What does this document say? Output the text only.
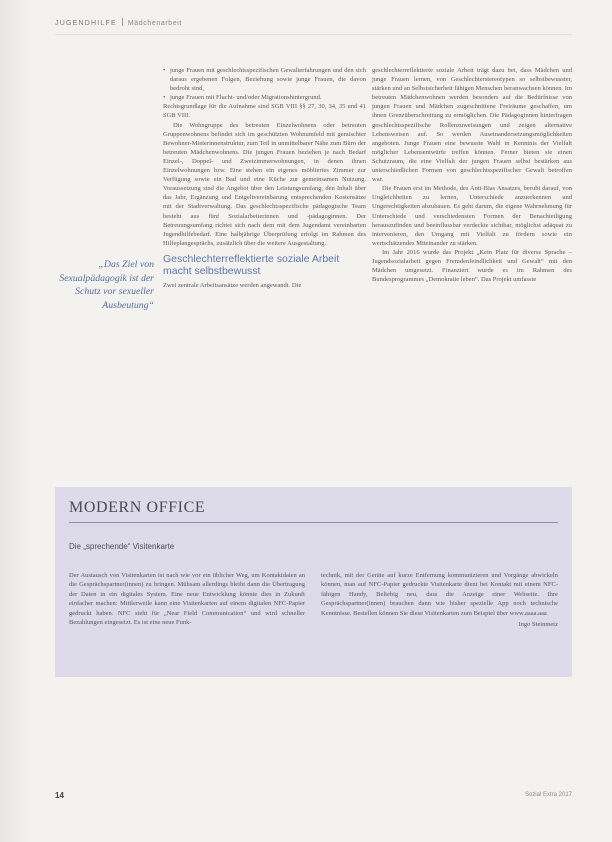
JUGENDHILFE Mädchenarbeit
„Das Ziel von Sexualpädagogik ist der Schutz vor sexueller Ausbeutung“
• junge Frauen mit geschlechtsspezifischen Gewalterfahrungen und den sich daraus ergebenen Folgen, Beziehung sowie junge Frauen, die davon bedroht sind,
• junge Frauen mit Flucht- und/oder Migrationshintergrund.

Rechtsgrundlage für die Aufnahme sind SGB VIII §§ 27, 30, 34, 35 und 41 SGB VIII.

Die Wohngruppe des betreuten Einzelwohnens oder betreuten Gruppenwohnens befindet sich im geschützten Wohnumfeld mit gemischter Bewohner-Mieterinnenstruktur, zum Teil in unmittelbarer Nähe zum Büro der betreuten Mädchenwohnens. Die jungen Frauen beziehen je nach Bedarf Einzel-, Doppel- und Zweizimmerwohnungen, in denen ihnen Einzelwohnungen bzw. Eine stehen ein eigenes möbliertes Zimmer zur Verfügung sowie ein Bad und eine Küche zur gemeinsamen Nutzung. Voraussetzung sind die Angebot über den Leistungsumfang, den Inhalt über das Jahr, Ergänzung und Entgeltvereinbarung entsprechenden Kostensätze mit der Stadtverwaltung. Das geschlechtsspezifische pädagogische Team besteht aus fünf Sozialarbeiterinnen und -pädagoginnen. Der Betreuungsumfang richtet sich nach dem mit dem Jugendamt vereinbarten Jugendhilfebedarf. Eine halbjährige Überprüfung erfolgt im Rahmen des Hilfeplangesprächs, zusätzlich über die weitere Ausgestaltung.

Geschlechterreflektierte soziale Arbeit macht selbstbewusst

Zwei zentrale Arbeitsansätze werden angewandt. Die

geschlechterreflektierte soziale Arbeit trägt dazu bei, dass Mädchen und junge Frauen lernen, von Geschlechterstereotypen so selbstbewusster, stärken und an Selbstsicherheit fähigen Menschen heranwachsen können. Im betreuten Mädchenwohnen werden besonders auf die Bedürfnisse von jungen Frauen und Mädchen zugeschnittene Freiräume geschaffen, um ihnen Grenzüberschreitung zu ermöglichen. Die Pädagoginnen hinterfragen geschlechtsspezifische Rollenzuweisungen und zeigen alternative Lebensweisen auf. So werden Auseinandersetzungsmöglichkeiten angeboten. Junge Frauen eine bewusste Wahl in Kenntnis der Vielfalt möglicher Lebensentwürfe treffen können. Ferner bieten sie einen Schutzraum, die eine Vielfalt der jungen Frauen selbst bestärken aus unterschiedlichen Formen von geschlechtsspezifischer Gewalt betroffen war.

Die Frauen erst im Methode, des Anti-Bias Ansatzes, beruht darauf, von Ungleichheiten zu lernen, Unterschiede anzuerkennen und Ungerechtigkeiten abzubauen. Es geht darum, die eigene Wahrnehmung für Unterschiede und verschiedensten Formen der Benachteiligung herauszufinden und beeinflussbar verdeckte sichtbar, möglichst adäquat zu intervenieren, den Umgang mit Vielfalt zu fördern sowie ein wertschätzendes Miteinander zu stärken.

Im Jahr 2016 wurde das Projekt „Kein Platz für diverse Sprache – Jugendsozialarbeit gegen Fremdenfeindlichkeit und Gewalt“ mit den Mädchen umgesetzt. Finanziert wurde es im Rahmen des Bundesprogrammes „Demokratie leben“. Das Projekt umfasste

MODERN OFFICE
Die „sprechende“ Visitenkarte

Der Austausch von Visitenkarten ist nach wie vor ein üblicher Weg, um Kontaktdaten an die Gesprächspartner(innen) zu bringen. Mühsam allerdings bleibt dann die Übertragung der Daten in ein digitales System. Eine neue Entwicklung könnte dies in Zukunft einfacher machen: Mittlerweile kann eine Visitenkarten auf einem digitalen NFC-Papier gedruckt haben. NFC steht für „Near Field Communication“ und wird schneller Bezahlungen eingesetzt. Es ist eine neue Funk-

technik, mit der Geräte auf kurze Entfernung kommunizieren und Vorgänge abwickeln können, man auf NFC-Papier gedruckte Visitenkarte dient bei Kontakt mit einem NFC-fähigen Handy, Beliebig neu, dass die Anzeige einer Webseite. Ihre Gesprächspartner(innen) brauchen dann wie bisher spezielle App noch technische Kenntnisse. Bestellen können Sie diese Visitenkarten zum Beispiel über www.aaaa.aaa

Ingo Steinmetz

14	Sozial Extra 2017
